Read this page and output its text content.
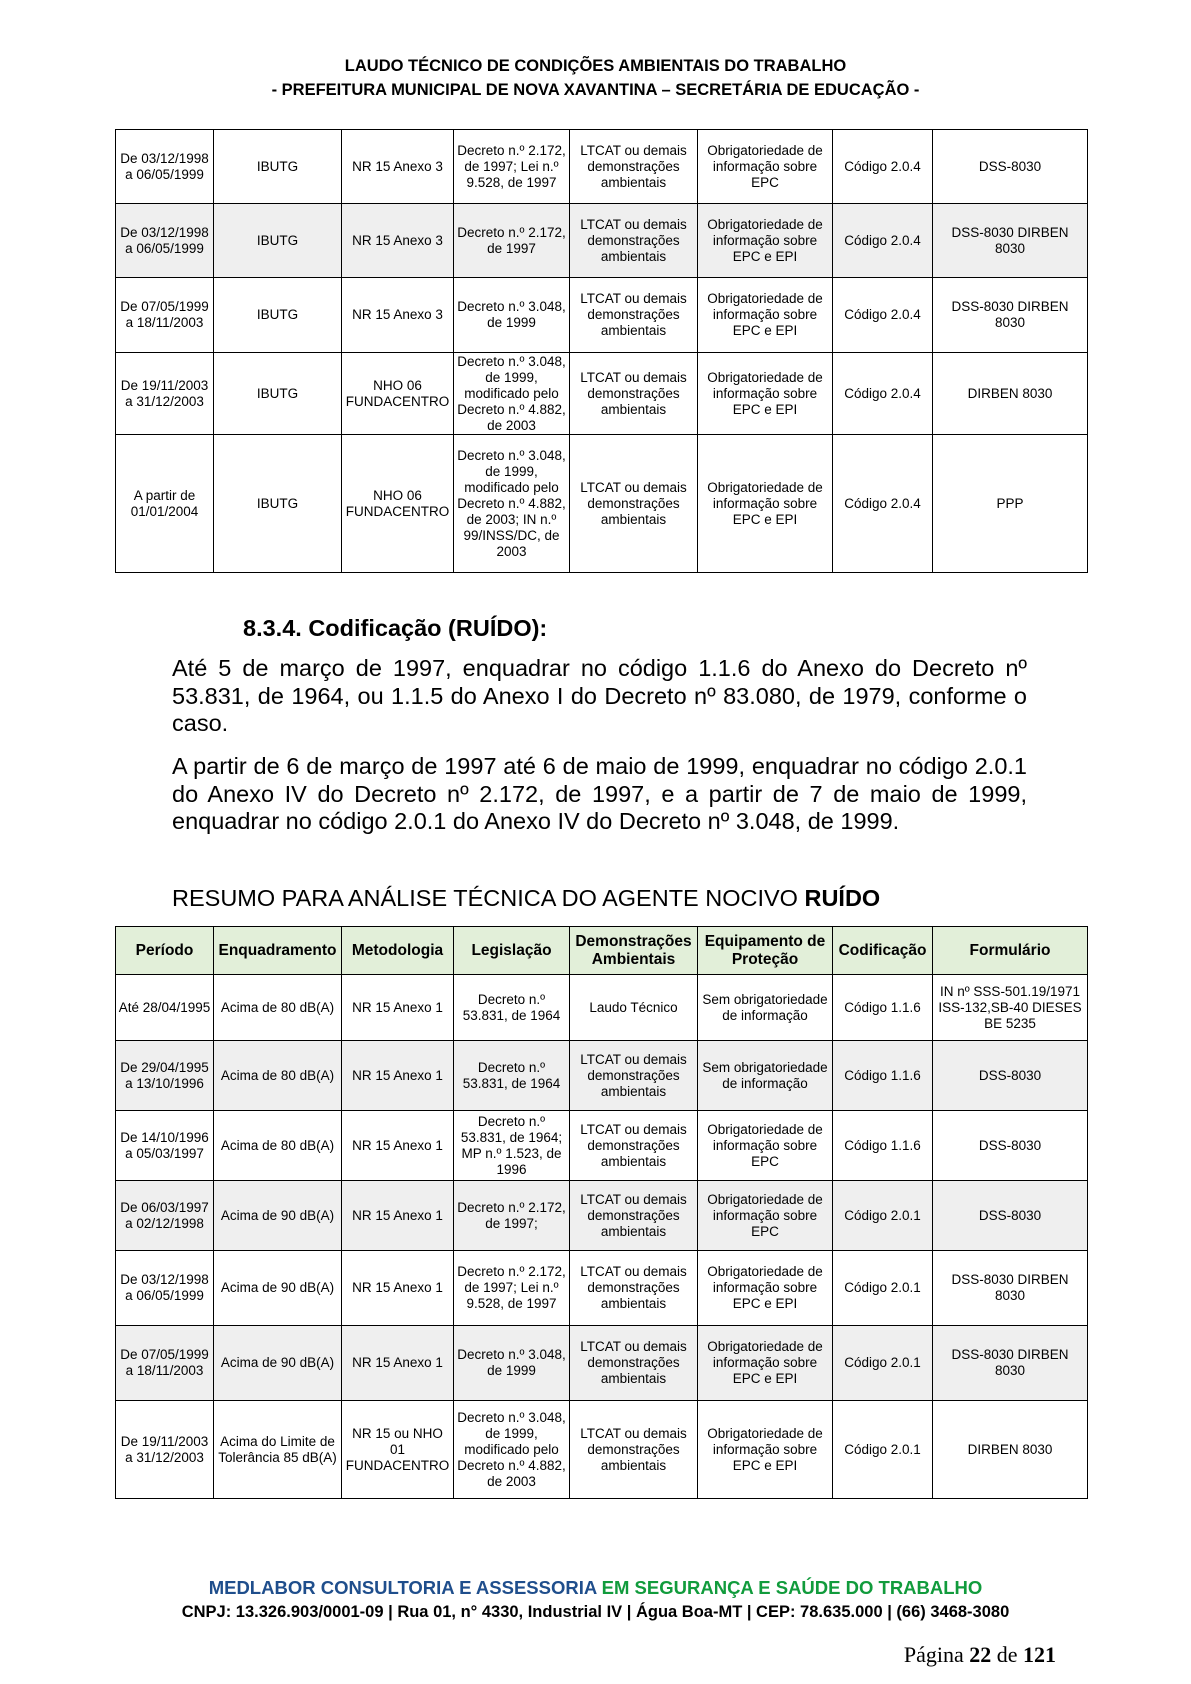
LAUDO TÉCNICO DE CONDIÇÕES AMBIENTAIS DO TRABALHO
- PREFEITURA MUNICIPAL DE NOVA XAVANTINA – SECRETÁRIA DE EDUCAÇÃO -
De 03/12/1998 a 06/05/1999	IBUTG	NR 15 Anexo 3	Decreto n.º 2.172, de 1997; Lei n.º 9.528, de 1997	LTCAT ou demais demonstrações ambientais	Obrigatoriedade de informação sobre EPC	Código 2.0.4	DSS-8030
De 03/12/1998 a 06/05/1999	IBUTG	NR 15 Anexo 3	Decreto n.º 2.172, de 1997	LTCAT ou demais demonstrações ambientais	Obrigatoriedade de informação sobre EPC e EPI	Código 2.0.4	DSS-8030 DIRBEN 8030
De 07/05/1999 a 18/11/2003	IBUTG	NR 15 Anexo 3	Decreto n.º 3.048, de 1999	LTCAT ou demais demonstrações ambientais	Obrigatoriedade de informação sobre EPC e EPI	Código 2.0.4	DSS-8030 DIRBEN 8030
De 19/11/2003 a 31/12/2003	IBUTG	NHO 06 FUNDACENTRO	Decreto n.º 3.048, de 1999, modificado pelo Decreto n.º 4.882, de 2003	LTCAT ou demais demonstrações ambientais	Obrigatoriedade de informação sobre EPC e EPI	Código 2.0.4	DIRBEN 8030
A partir de 01/01/2004	IBUTG	NHO 06 FUNDACENTRO	Decreto n.º 3.048, de 1999, modificado pelo Decreto n.º 4.882, de 2003; IN n.º 99/INSS/DC, de 2003	LTCAT ou demais demonstrações ambientais	Obrigatoriedade de informação sobre EPC e EPI	Código 2.0.4	PPP
8.3.4. Codificação (RUÍDO):
Até 5 de março de 1997, enquadrar no código 1.1.6 do Anexo do Decreto nº 53.831, de 1964, ou 1.1.5 do Anexo I do Decreto nº 83.080, de 1979, conforme o caso.
A partir de 6 de março de 1997 até 6 de maio de 1999, enquadrar no código 2.0.1 do Anexo IV do Decreto nº 2.172, de 1997, e a partir de 7 de maio de 1999, enquadrar no código 2.0.1 do Anexo IV do Decreto nº 3.048, de 1999.
RESUMO PARA ANÁLISE TÉCNICA DO AGENTE NOCIVO RUÍDO
Período	Enquadramento	Metodologia	Legislação	Demonstrações Ambientais	Equipamento de Proteção	Codificação	Formulário
Até 28/04/1995	Acima de 80 dB(A)	NR 15 Anexo 1	Decreto n.º 53.831, de 1964	Laudo Técnico	Sem obrigatoriedade de informação	Código 1.1.6	IN nº SSS-501.19/1971 ISS-132,SB-40 DIESES BE 5235
De 29/04/1995 a 13/10/1996	Acima de 80 dB(A)	NR 15 Anexo 1	Decreto n.º 53.831, de 1964	LTCAT ou demais demonstrações ambientais	Sem obrigatoriedade de informação	Código 1.1.6	DSS-8030
De 14/10/1996 a 05/03/1997	Acima de 80 dB(A)	NR 15 Anexo 1	Decreto n.º 53.831, de 1964; MP n.º 1.523, de 1996	LTCAT ou demais demonstrações ambientais	Obrigatoriedade de informação sobre EPC	Código 1.1.6	DSS-8030
De 06/03/1997 a 02/12/1998	Acima de 90 dB(A)	NR 15 Anexo 1	Decreto n.º 2.172, de 1997;	LTCAT ou demais demonstrações ambientais	Obrigatoriedade de informação sobre EPC	Código 2.0.1	DSS-8030
De 03/12/1998 a 06/05/1999	Acima de 90 dB(A)	NR 15 Anexo 1	Decreto n.º 2.172, de 1997; Lei n.º 9.528, de 1997	LTCAT ou demais demonstrações ambientais	Obrigatoriedade de informação sobre EPC e EPI	Código 2.0.1	DSS-8030 DIRBEN 8030
De 07/05/1999 a 18/11/2003	Acima de 90 dB(A)	NR 15 Anexo 1	Decreto n.º 3.048, de 1999	LTCAT ou demais demonstrações ambientais	Obrigatoriedade de informação sobre EPC e EPI	Código 2.0.1	DSS-8030 DIRBEN 8030
De 19/11/2003 a 31/12/2003	Acima do Limite de Tolerância 85 dB(A)	NR 15 ou NHO 01 FUNDACENTRO	Decreto n.º 3.048, de 1999, modificado pelo Decreto n.º 4.882, de 2003	LTCAT ou demais demonstrações ambientais	Obrigatoriedade de informação sobre EPC e EPI	Código 2.0.1	DIRBEN 8030
MEDLABOR CONSULTORIA E ASSESSORIA EM SEGURANÇA E SAÚDE DO TRABALHO
CNPJ: 13.326.903/0001-09 | Rua 01, n° 4330, Industrial IV | Água Boa-MT | CEP: 78.635.000 | (66) 3468-3080
Página 22 de 121
